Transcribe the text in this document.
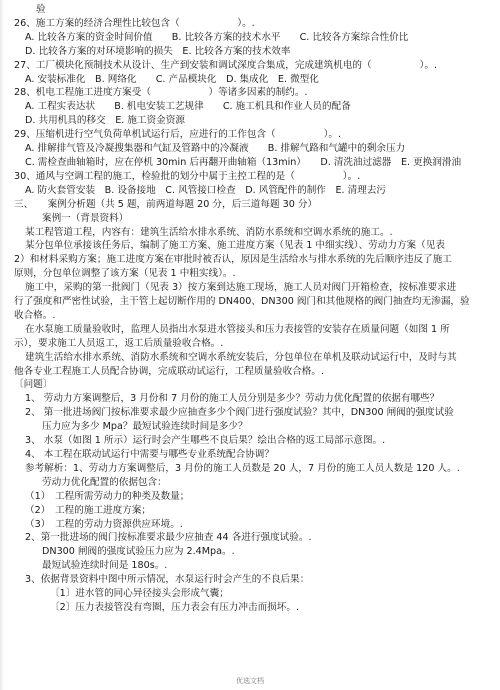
验
26、施工方案的经济合理性比较包含（　　　　　　）。.
A. 比较各方案的资金时间价值　　B. 比较各方案的技术水平　　C. 比较各方案综合性价比
D. 比较各方案的对环境影响的损失　E. 比较各方案的技术效率
27、工厂模块化预制技术从设计、生产到安装和调试深度合集成，完成建筑机电的（　　　　　）。.
A. 安装标准化　B. 网络化　　C. 产品模块化　D. 集成化　E. 微型化
28、机电工程施工进度方案受（　　　　　　）等诸多因素的制约。.
A. 工程实表达状　　B. 机电安装工艺规律　　C. 施工机具和作业人员的配备
D. 共用机具的移交　E. 施工资金资源
29、压缩机进行空气负荷单机试运行后，应进行的工作包含（　　　　　）。.
A. 排解排气管及冷凝搜集器和气缸及管路中的冷凝液　　B. 排解气路和气罐中的剩余压力
C. 需检查曲轴箱时，应在停机 30min 后再翻开曲轴箱（13min）　　D. 清洗油过滤器　E. 更换润滑油
30、通风与空调工程的施工，检验批的划分中属于主控工程的是（　　　　　）。.
A. 防火套管安装　B. 设备接地　C. 风管接口检查　D. 风管配件的制作　E. 清理去污
三、　　案例分析题（共 5 题，前两道每题 20 分，后三道每题 30 分）
案例一（背景资料）
某工程管道工程，内容有：建筑生活给水排水系统、消防水系统和空调水系统的施工。.
某分包单位承接该任务后，编制了施工方案、施工进度方案（见表 1 中细实线）、劳动力方案（见表
2）和材料采购方案；施工进度方案在审批时被否认，原因是生活给水与排水系统的先后顺序违反了施工
原则，分包单位调整了该方案（见表 1 中粗实线）。.
施工中，采购的第一批阀门（见表 3）按方案到达施工现场，施工人员对阀门开箱检查，按标准要求进
行了强度和严密性试验，主干管上起切断作用的 DN400、DN300 阀门和其他规格的阀门抽查均无渗漏，验
收合格。.
在水泵施工质量验收时，监理人员指出水泵进水管接头和压力表接管的安装存在质量问题（如图 1 所
示），要求施工人员返工，返工后质量验收合格。.
建筑生活给水排水系统、消防水系统和空调水系统安装后，分包单位在单机及联动试运行中，及时与其
他各专业工程施工人员配合协调，完成联动试运行，工程质量验收合格。.
〔问题〕
1、 劳动力方案调整后，3 月份和 7 月份的施工人员分别是多少？劳动力优化配置的依据有哪些？
2、 第一批进场阀门按标准要求最少应抽查多少个阀门进行强度试验？其中，DN300 闸阀的强度试验
压力应为多少 Mpa？最短试验连续时间是多少？
3、 水泵（如图 1 所示）运行时会产生哪些不良后果？绘出合格的返工局部示意图。.
4、 本工程在联动试运行中需要与哪些专业系统配合协调？
参考解析：1、劳动力方案调整后，3 月份的施工人员数是 20 人，7 月份的施工人员人数是 120 人。.
劳动力优化配置的依据包含：
（1）　工程所需劳动力的种类及数量；
（2）　工程的施工进度方案；
（3）　工程的劳动力资源供应环境。.
2、第一批进场的阀门按标准要求最少应抽查 44 各进行强度试验。.
DN300 闸阀的强度试验压力应为 2.4Mpa。.
最短试验连续时间是 180s。.
3、依据背景资料中图中所示情况，水泵运行时会产生的不良后果：
〔1〕进水管的同心异径接头会形成气囊；
〔2〕压力表接管没有弯圈，压力表会有压力冲击而损坏。.
优选文档
